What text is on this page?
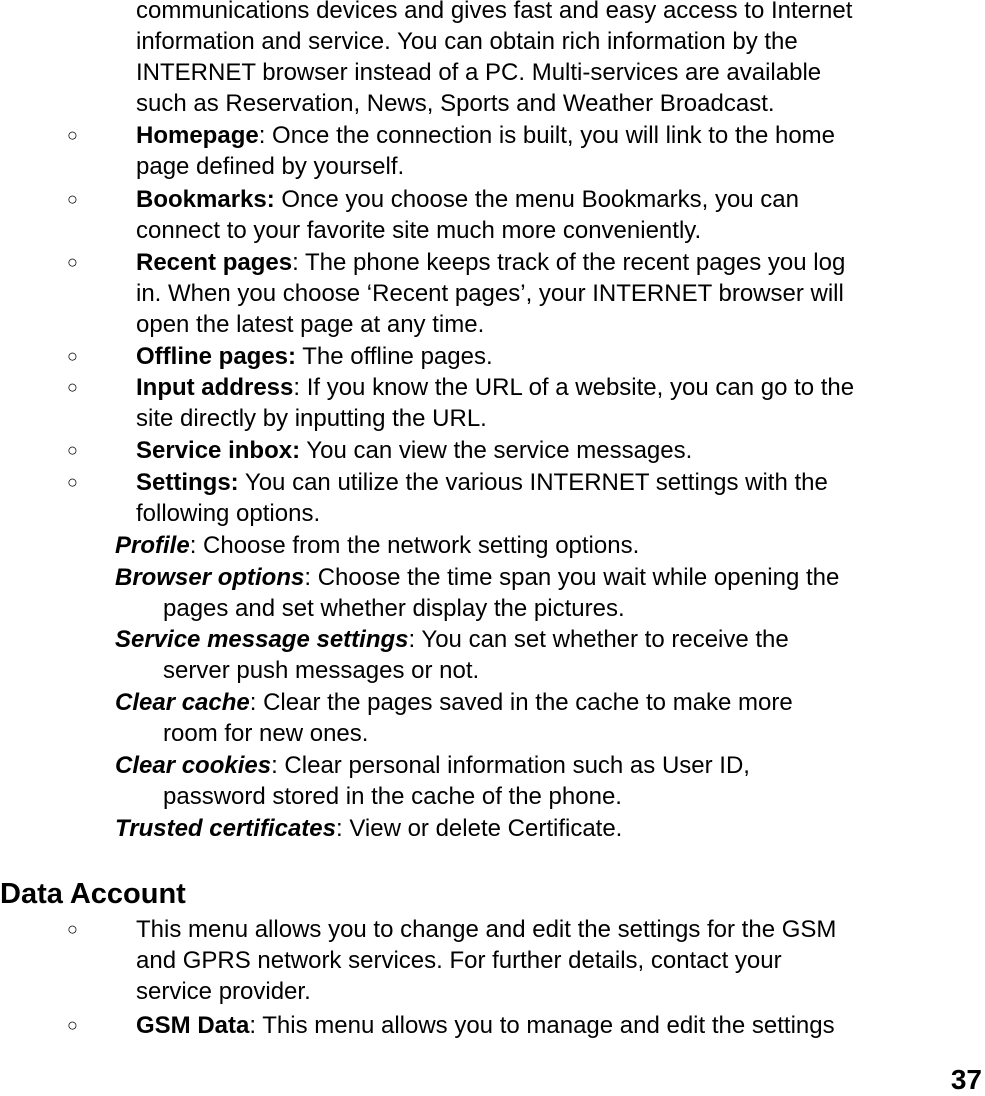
communications devices and gives fast and easy access to Internet
information and service. You can obtain rich information by the
INTERNET browser instead of a PC. Multi-services are available
such as Reservation, News, Sports and Weather Broadcast.
○ Homepage: Once the connection is built, you will link to the home
page defined by yourself.
○ Bookmarks: Once you choose the menu Bookmarks, you can
connect to your favorite site much more conveniently.
○ Recent pages: The phone keeps track of the recent pages you log
in. When you choose ‘Recent pages’, your INTERNET browser will
open the latest page at any time.
○ Offline pages: The offline pages.
○ Input address: If you know the URL of a website, you can go to the
site directly by inputting the URL.
○ Service inbox: You can view the service messages.
○ Settings: You can utilize the various INTERNET settings with the
following options.
Profile: Choose from the network setting options.
Browser options: Choose the time span you wait while opening the
pages and set whether display the pictures.
Service message settings: You can set whether to receive the
server push messages or not.
Clear cache: Clear the pages saved in the cache to make more
room for new ones.
Clear cookies: Clear personal information such as User ID,
password stored in the cache of the phone.
Trusted certificates: View or delete Certificate.
Data Account
○ This menu allows you to change and edit the settings for the GSM
and GPRS network services. For further details, contact your
service provider.
○ GSM Data: This menu allows you to manage and edit the settings
37
